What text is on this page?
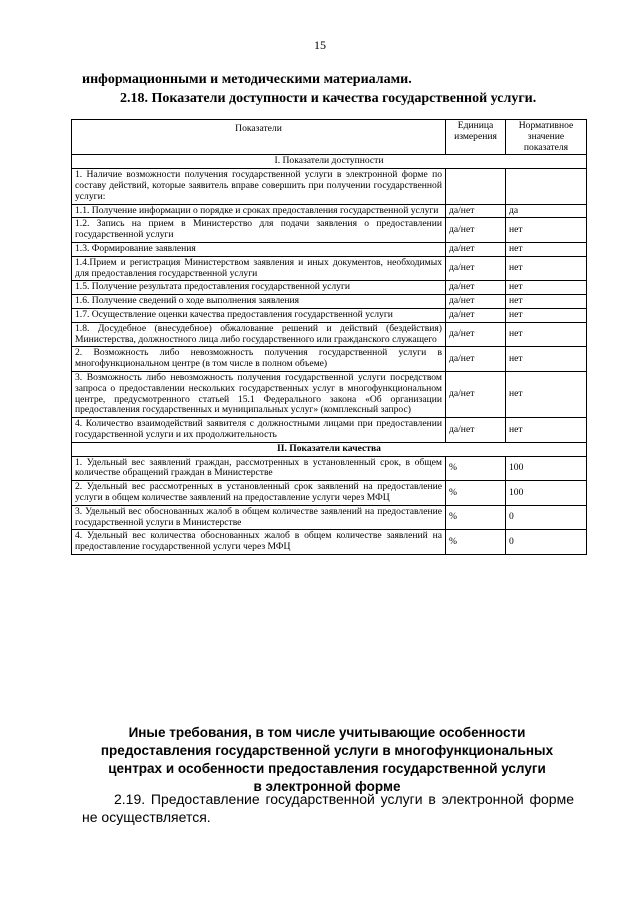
15
информационными и методическими материалами.
2.18. Показатели доступности и качества государственной услуги.
Показатели	Единица измерения	Нормативное значение показателя
I. Показатели доступности		
1. Наличие возможности получения государственной услуги в электронной форме по составу действий, которые заявитель вправе совершить при получении государственной услуги:		
1.1. Получение информации о порядке и сроках предоставления государственной услуги	да/нет	да
1.2. Запись на прием в Министерство для подачи заявления о предоставлении государственной услуги	да/нет	нет
1.3. Формирование заявления	да/нет	нет
1.4.Прием и регистрация Министерством заявления и иных документов, необходимых для предоставления государственной услуги	да/нет	нет
1.5. Получение результата предоставления государственной услуги	да/нет	нет
1.6. Получение сведений о ходе выполнения заявления	да/нет	нет
1.7. Осуществление оценки качества предоставления государственной услуги	да/нет	нет
1.8. Досудебное (внесудебное) обжалование решений и действий (бездействия) Министерства, должностного лица либо государственного или гражданского служащего	да/нет	нет
2. Возможность либо невозможность получения государственной услуги в многофункциональном центре (в том числе в полном объеме)	да/нет	нет
3. Возможность либо невозможность получения государственной услуги посредством запроса о предоставлении нескольких государственных услуг в многофункциональном центре, предусмотренного статьей 15.1 Федерального закона «Об организации предоставления государственных и муниципальных услуг» (комплексный запрос)	да/нет	нет
4. Количество взаимодействий заявителя с должностными лицами при предоставлении государственной услуги и их продолжительность	да/нет	нет
II. Показатели качества		
1. Удельный вес заявлений граждан, рассмотренных в установленный срок, в общем количестве обращений граждан в Министерстве	%	100
2. Удельный вес рассмотренных в установленный срок заявлений на предоставление услуги в общем количестве заявлений на предоставление услуги через МФЦ	%	100
3. Удельный вес обоснованных жалоб в общем количестве заявлений на предоставление государственной услуги в Министерстве	%	0
4. Удельный вес количества обоснованных жалоб в общем количестве заявлений на предоставление государственной услуги через МФЦ	%	0
Иные требования, в том числе учитывающие особенности
предоставления государственной услуги в многофункциональных
центрах и особенности предоставления государственной услуги
в электронной форме
2.19. Предоставление государственной услуги в электронной форме не осуществляется.
